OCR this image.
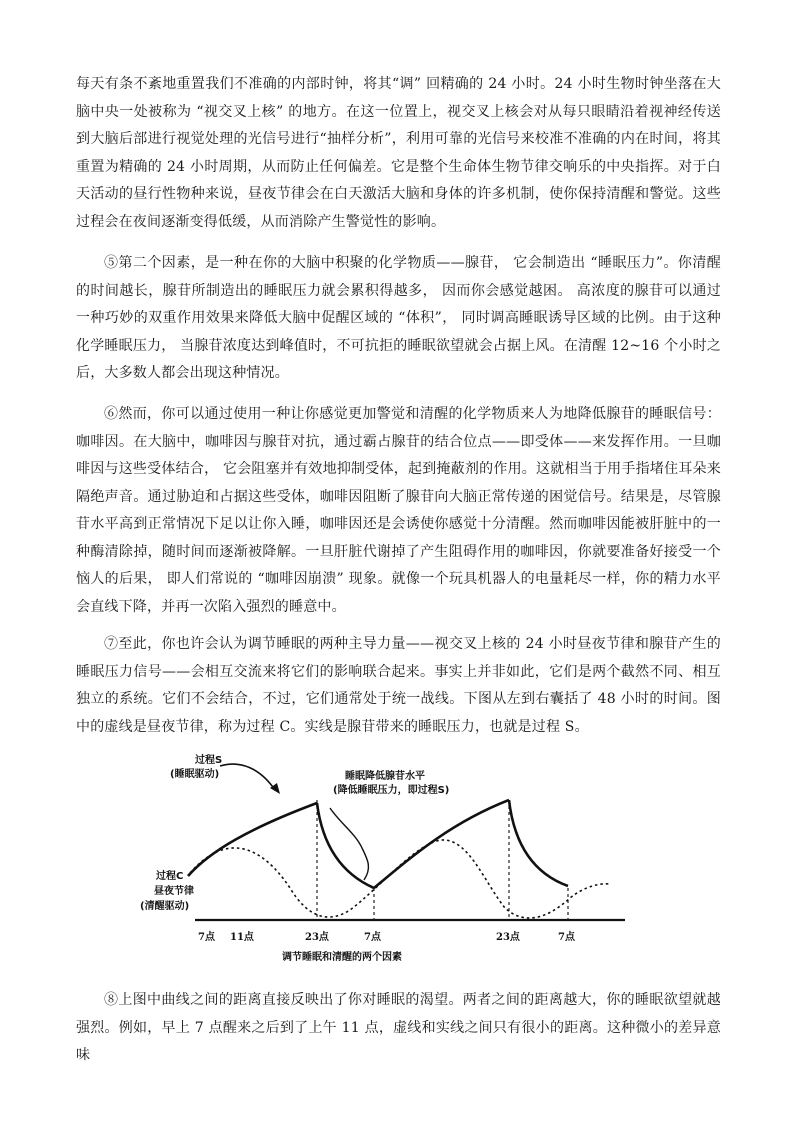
每天有条不紊地重置我们不准确的内部时钟，将其“调” 回精确的 24 小时。24 小时生物时钟坐落在大脑中央一处被称为 “视交叉上核” 的地方。在这一位置上，视交叉上核会对从每只眼睛沿着视神经传送到大脑后部进行视觉处理的光信号进行“抽样分析”，利用可靠的光信号来校准不准确的内在时间，将其重置为精确的 24 小时周期，从而防止任何偏差。它是整个生命体生物节律交响乐的中央指挥。对于白天活动的昼行性物种来说，昼夜节律会在白天激活大脑和身体的许多机制，使你保持清醒和警觉。这些过程会在夜间逐渐变得低缓，从而消除产生警觉性的影响。

⑤第二个因素，是一种在你的大脑中积聚的化学物质——腺苷， 它会制造出 “睡眠压力”。你清醒的时间越长，腺苷所制造出的睡眠压力就会累积得越多， 因而你会感觉越困。 高浓度的腺苷可以通过一种巧妙的双重作用效果来降低大脑中促醒区域的 “体积”， 同时调高睡眠诱导区域的比例。由于这种化学睡眠压力， 当腺苷浓度达到峰值时，不可抗拒的睡眠欲望就会占据上风。在清醒 12~16 个小时之后，大多数人都会出现这种情况。

⑥然而，你可以通过使用一种让你感觉更加警觉和清醒的化学物质来人为地降低腺苷的睡眠信号：咖啡因。在大脑中，咖啡因与腺苷对抗，通过霸占腺苷的结合位点——即受体——来发挥作用。一旦咖啡因与这些受体结合， 它会阻塞并有效地抑制受体，起到掩蔽剂的作用。这就相当于用手指堵住耳朵来隔绝声音。通过胁迫和占据这些受体，咖啡因阻断了腺苷向大脑正常传递的困觉信号。结果是，尽管腺苷水平高到正常情况下足以让你入睡，咖啡因还是会诱使你感觉十分清醒。然而咖啡因能被肝脏中的一种酶清除掉，随时间而逐渐被降解。一旦肝脏代谢掉了产生阻碍作用的咖啡因，你就要准备好接受一个恼人的后果， 即人们常说的 “咖啡因崩溃” 现象。就像一个玩具机器人的电量耗尽一样，你的精力水平会直线下降，并再一次陷入强烈的睡意中。

⑦至此，你也许会认为调节睡眠的两种主导力量——视交叉上核的 24 小时昼夜节律和腺苷产生的睡眠压力信号——会相互交流来将它们的影响联合起来。事实上并非如此，它们是两个截然不同、相互独立的系统。它们不会结合，不过，它们通常处于统一战线。下图从左到右囊括了 48 小时的时间。图中的虚线是昼夜节律，称为过程 C。实线是腺苷带来的睡眠压力，也就是过程 S。

过程S
(睡眠驱动)	睡眠降低腺苷水平
(降低睡眠压力，即过程S)
过程C
昼夜节律
(清醒驱动)
7点 11点	23点	7点	23点	7点
调节睡眠和清醒的两个因素

⑧上图中曲线之间的距离直接反映出了你对睡眠的渴望。两者之间的距离越大，你的睡眠欲望就越强烈。例如，早上 7 点醒来之后到了上午 11 点，虚线和实线之间只有很小的距离。这种微小的差异意味
